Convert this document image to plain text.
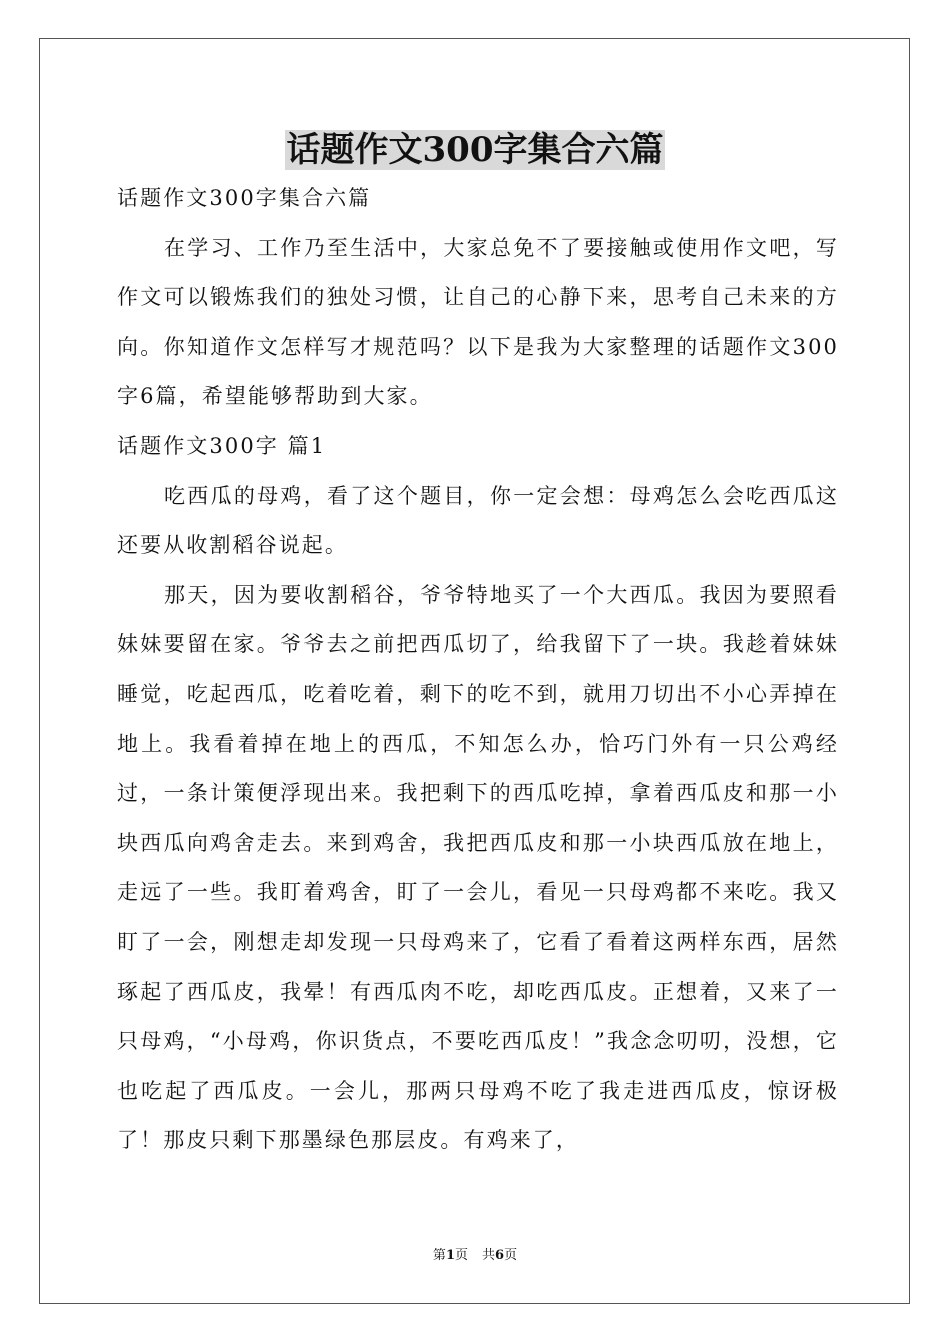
话题作文300字集合六篇

话题作文300字集合六篇

在学习、工作乃至生活中，大家总免不了要接触或使用作文吧，写作文可以锻炼我们的独处习惯，让自己的心静下来，思考自己未来的方向。你知道作文怎样写才规范吗？以下是我为大家整理的话题作文300字6篇，希望能够帮助到大家。

话题作文300字 篇1

吃西瓜的母鸡，看了这个题目，你一定会想：母鸡怎么会吃西瓜这还要从收割稻谷说起。

那天，因为要收割稻谷，爷爷特地买了一个大西瓜。我因为要照看妹妹要留在家。爷爷去之前把西瓜切了，给我留下了一块。我趁着妹妹睡觉，吃起西瓜，吃着吃着，剩下的吃不到，就用刀切出不小心弄掉在地上。我看着掉在地上的西瓜，不知怎么办，恰巧门外有一只公鸡经过，一条计策便浮现出来。我把剩下的西瓜吃掉，拿着西瓜皮和那一小块西瓜向鸡舍走去。来到鸡舍，我把西瓜皮和那一小块西瓜放在地上，走远了一些。我盯着鸡舍，盯了一会儿，看见一只母鸡都不来吃。我又盯了一会，刚想走却发现一只母鸡来了，它看了看着这两样东西，居然琢起了西瓜皮，我晕！有西瓜肉不吃，却吃西瓜皮。正想着，又来了一只母鸡，“小母鸡，你识货点，不要吃西瓜皮！”我念念叨叨，没想，它也吃起了西瓜皮。一会儿，那两只母鸡不吃了我走进西瓜皮，惊讶极了！那皮只剩下那墨绿色那层皮。有鸡来了，

第1页 共6页
